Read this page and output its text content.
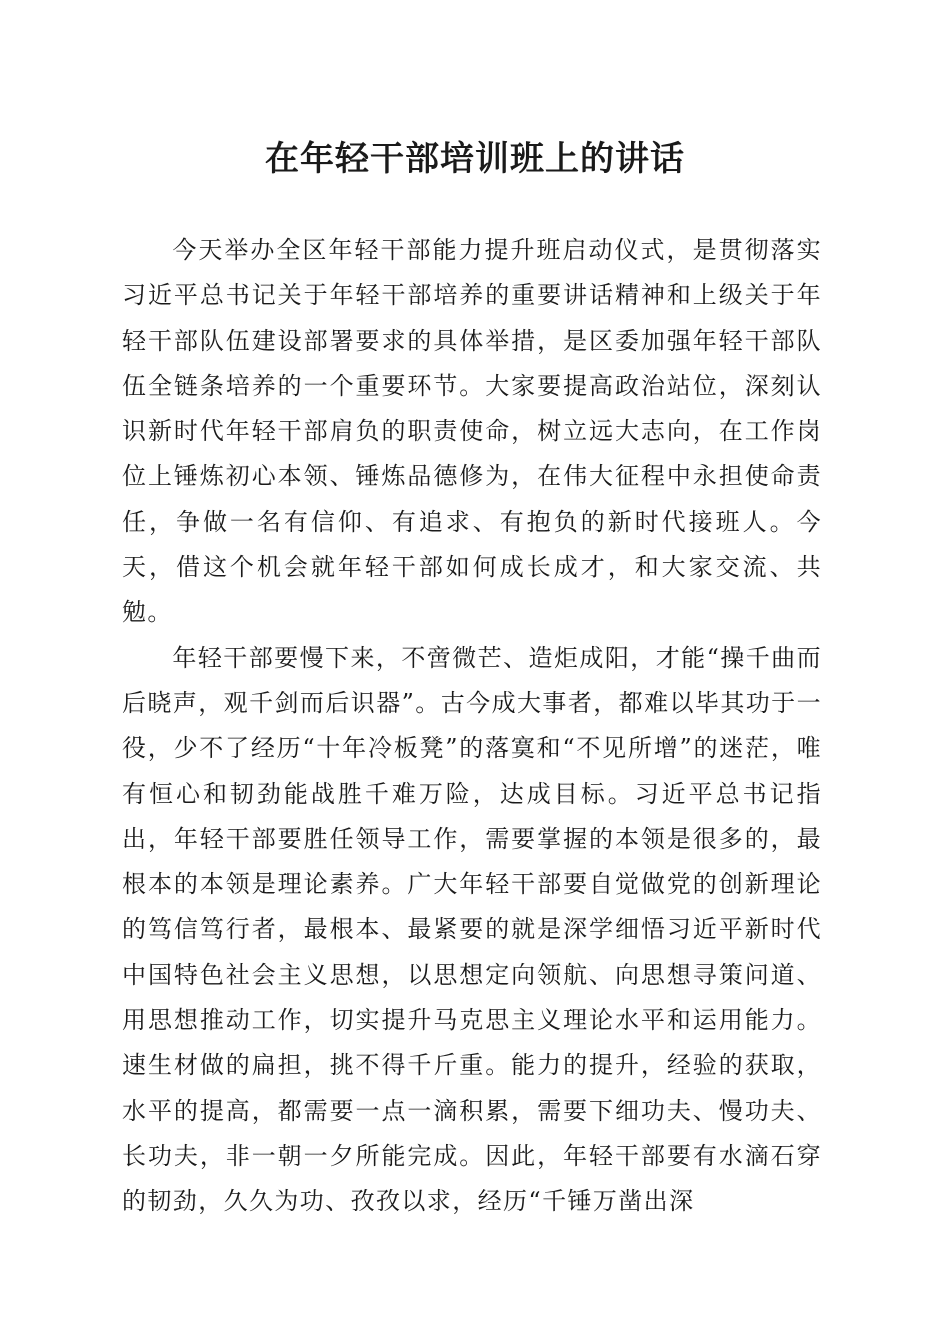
在年轻干部培训班上的讲话

今天举办全区年轻干部能力提升班启动仪式，是贯彻落实习近平总书记关于年轻干部培养的重要讲话精神和上级关于年轻干部队伍建设部署要求的具体举措，是区委加强年轻干部队伍全链条培养的一个重要环节。大家要提高政治站位，深刻认识新时代年轻干部肩负的职责使命，树立远大志向，在工作岗位上锤炼初心本领、锤炼品德修为，在伟大征程中永担使命责任，争做一名有信仰、有追求、有抱负的新时代接班人。今天，借这个机会就年轻干部如何成长成才，和大家交流、共勉。

年轻干部要慢下来，不啻微芒、造炬成阳，才能“操千曲而后晓声，观千剑而后识器”。古今成大事者，都难以毕其功于一役，少不了经历“十年冷板凳”的落寞和“不见所增”的迷茫，唯有恒心和韧劲能战胜千难万险，达成目标。习近平总书记指出，年轻干部要胜任领导工作，需要掌握的本领是很多的，最根本的本领是理论素养。广大年轻干部要自觉做党的创新理论的笃信笃行者，最根本、最紧要的就是深学细悟习近平新时代中国特色社会主义思想，以思想定向领航、向思想寻策问道、用思想推动工作，切实提升马克思主义理论水平和运用能力。速生材做的扁担，挑不得千斤重。能力的提升，经验的获取，水平的提高，都需要一点一滴积累，需要下细功夫、慢功夫、长功夫，非一朝一夕所能完成。因此，年轻干部要有水滴石穿的韧劲，久久为功、孜孜以求，经历“千锤万凿出深
